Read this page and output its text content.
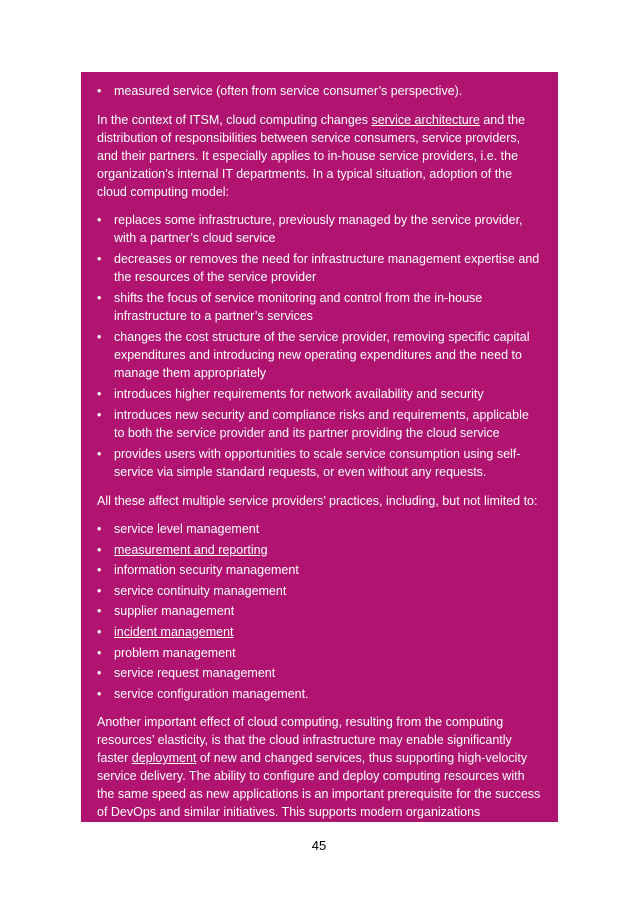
• measured service (often from service consumer’s perspective).

In the context of ITSM, cloud computing changes service architecture and the distribution of responsibilities between service consumers, service providers, and their partners. It especially applies to in-house service providers, i.e. the organization’s internal IT departments. In a typical situation, adoption of the cloud computing model:

• replaces some infrastructure, previously managed by the service provider, with a partner’s cloud service
• decreases or removes the need for infrastructure management expertise and the resources of the service provider
• shifts the focus of service monitoring and control from the in-house infrastructure to a partner’s services
• changes the cost structure of the service provider, removing specific capital expenditures and introducing new operating expenditures and the need to manage them appropriately
• introduces higher requirements for network availability and security
• introduces new security and compliance risks and requirements, applicable to both the service provider and its partner providing the cloud service
• provides users with opportunities to scale service consumption using self-service via simple standard requests, or even without any requests.

All these affect multiple service providers’ practices, including, but not limited to:

• service level management
• measurement and reporting
• information security management
• service continuity management
• supplier management
• incident management
• problem management
• service request management
• service configuration management.

Another important effect of cloud computing, resulting from the computing resources’ elasticity, is that the cloud infrastructure may enable significantly faster deployment of new and changed services, thus supporting high-velocity service delivery. The ability to configure and deploy computing resources with the same speed as new applications is an important prerequisite for the success of DevOps and similar initiatives. This supports modern organizations

45
